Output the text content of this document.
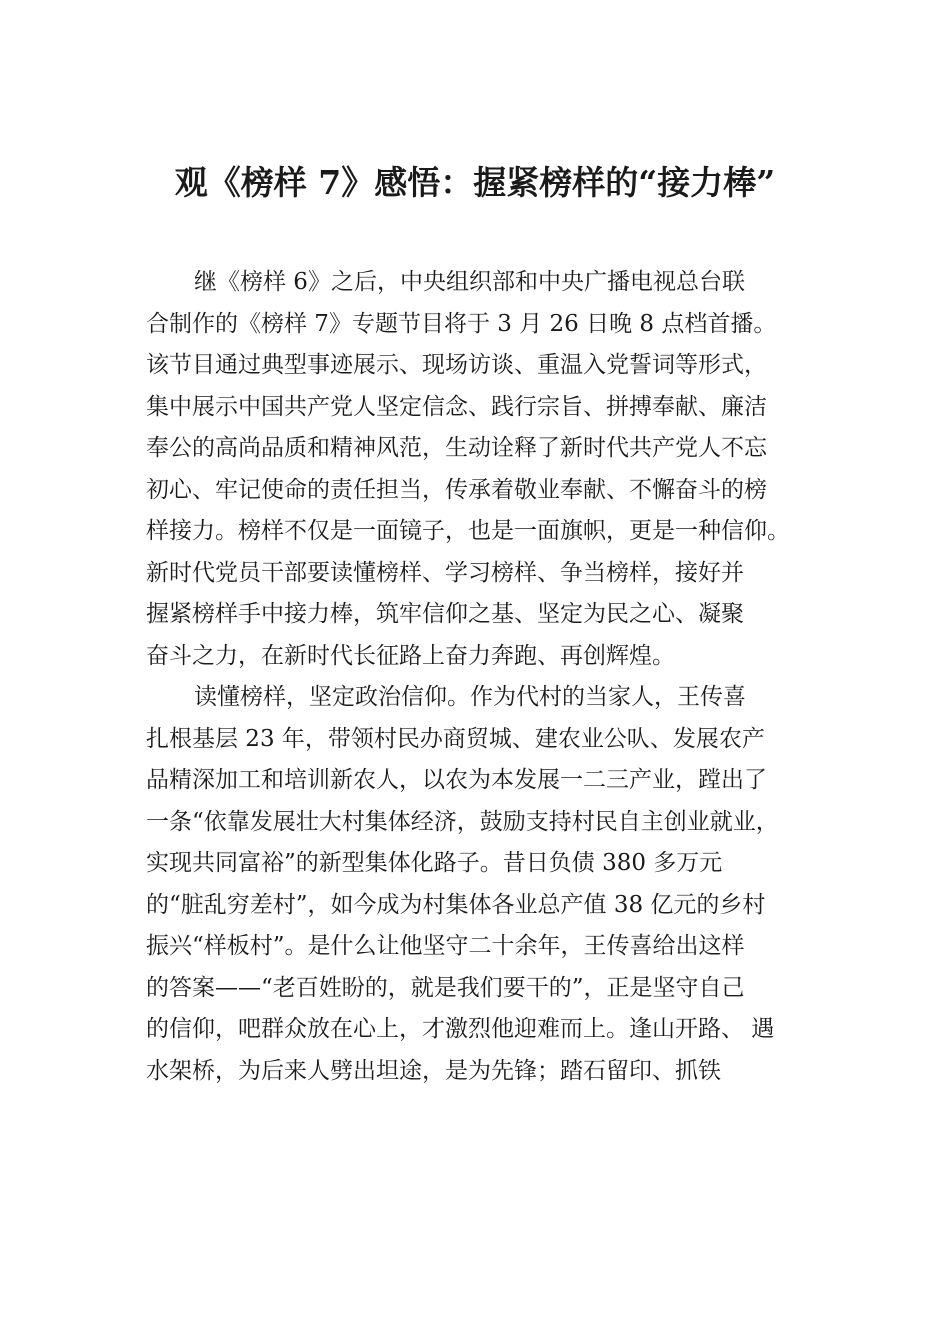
观《榜样 7》感悟：握紧榜样的“接力棒”
继《榜样 6》之后，中央组织部和中央广播电视总台联
合制作的《榜样 7》专题节目将于 3 月 26 日晚 8 点档首播。
该节目通过典型事迹展示、现场访谈、重温入党誓词等形式，
集中展示中国共产党人坚定信念、践行宗旨、拼搏奉献、廉洁
奉公的高尚品质和精神风范，生动诠释了新时代共产党人不忘
初心、牢记使命的责任担当，传承着敬业奉献、不懈奋斗的榜
样接力。榜样不仅是一面镜子，也是一面旗帜，更是一种信仰。
新时代党员干部要读懂榜样、学习榜样、争当榜样，接好并
握紧榜样手中接力棒，筑牢信仰之基、坚定为民之心、凝聚
奋斗之力，在新时代长征路上奋力奔跑、再创辉煌。
读懂榜样，坚定政治信仰。作为代村的当家人，王传喜
扎根基层 23 年，带领村民办商贸城、建农业公㕥、发展农产
品精深加工和培训新农人，以农为本发展一二三产业，蹚出了
一条“依靠发展壮大村集体经济，鼓励支持村民自主创业就业，
实现共同富裕”的新型集体化路子。昔日负债 380 多万元
的“脏乱穷差村”，如今成为村集体各业总产值 38 亿元的乡村
振兴“样板村”。是什么让他坚守二十余年，王传喜给出这样
的答案——“老百姓盼的，就是我们要干的”，正是坚守自己
的信仰，吧群众放在心上，才激烈他迎难而上。逢山开路、 遇
水架桥，为后来人劈出坦途，是为先锋；踏石留印、抓铁
